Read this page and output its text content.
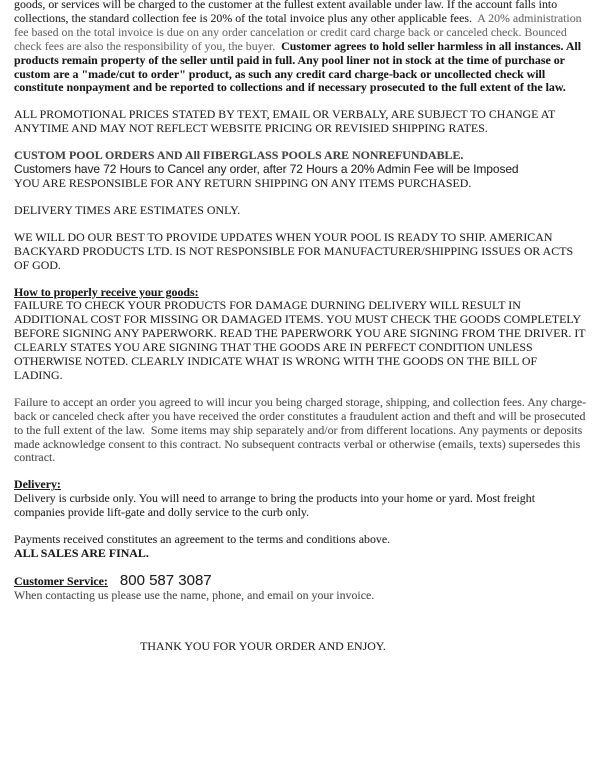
goods, or services will be charged to the customer at the fullest extent available under law. If the account falls into collections, the standard collection fee is 20% of the total invoice plus any other applicable fees.  A 20% administration fee based on the total invoice is due on any order cancelation or credit card charge back or canceled check. Bounced check fees are also the responsibility of you, the buyer.  Customer agrees to hold seller harmless in all instances. All products remain property of the seller until paid in full. Any pool liner not in stock at the time of purchase or custom are a "made/cut to order" product, as such any credit card charge-back or uncollected check will constitute nonpayment and be reported to collections and if necessary prosecuted to the full extent of the law.

ALL PROMOTIONAL PRICES STATED BY TEXT, EMAIL OR VERBALY, ARE SUBJECT TO CHANGE AT ANYTIME AND MAY NOT REFLECT WEBSITE PRICING OR REVISIED SHIPPING RATES.

CUSTOM POOL ORDERS AND All FIBERGLASS POOLS ARE NONREFUNDABLE.
Customers have 72 Hours to Cancel any order, after 72 Hours a 20% Admin Fee will be Imposed
YOU ARE RESPONSIBLE FOR ANY RETURN SHIPPING ON ANY ITEMS PURCHASED.

DELIVERY TIMES ARE ESTIMATES ONLY.

WE WILL DO OUR BEST TO PROVIDE UPDATES WHEN YOUR POOL IS READY TO SHIP. AMERICAN BACKYARD PRODUCTS LTD. IS NOT RESPONSIBLE FOR MANUFACTURER/SHIPPING ISSUES OR ACTS OF GOD.

How to properly receive your goods:
FAILURE TO CHECK YOUR PRODUCTS FOR DAMAGE DURNING DELIVERY WILL RESULT IN ADDITIONAL COST FOR MISSING OR DAMAGED ITEMS. YOU MUST CHECK THE GOODS COMPLETELY BEFORE SIGNING ANY PAPERWORK. READ THE PAPERWORK YOU ARE SIGNING FROM THE DRIVER. IT CLEARLY STATES YOU ARE SIGNING THAT THE GOODS ARE IN PERFECT CONDITION UNLESS OTHERWISE NOTED. CLEARLY INDICATE WHAT IS WRONG WITH THE GOODS ON THE BILL OF LADING.

Failure to accept an order you agreed to will incur you being charged storage, shipping, and collection fees. Any charge-back or canceled check after you have received the order constitutes a fraudulent action and theft and will be prosecuted to the full extent of the law.  Some items may ship separately and/or from different locations. Any payments or deposits made acknowledge consent to this contract. No subsequent contracts verbal or otherwise (emails, texts) supersedes this contract.

Delivery:
Delivery is curbside only. You will need to arrange to bring the products into your home or yard. Most freight companies provide lift-gate and dolly service to the curb only.
Payments received constitutes an agreement to the terms and conditions above.
ALL SALES ARE FINAL.
Customer Service: 800 587 3087
When contacting us please use the name, phone, and email on your invoice.
THANK YOU FOR YOUR ORDER AND ENJOY.
